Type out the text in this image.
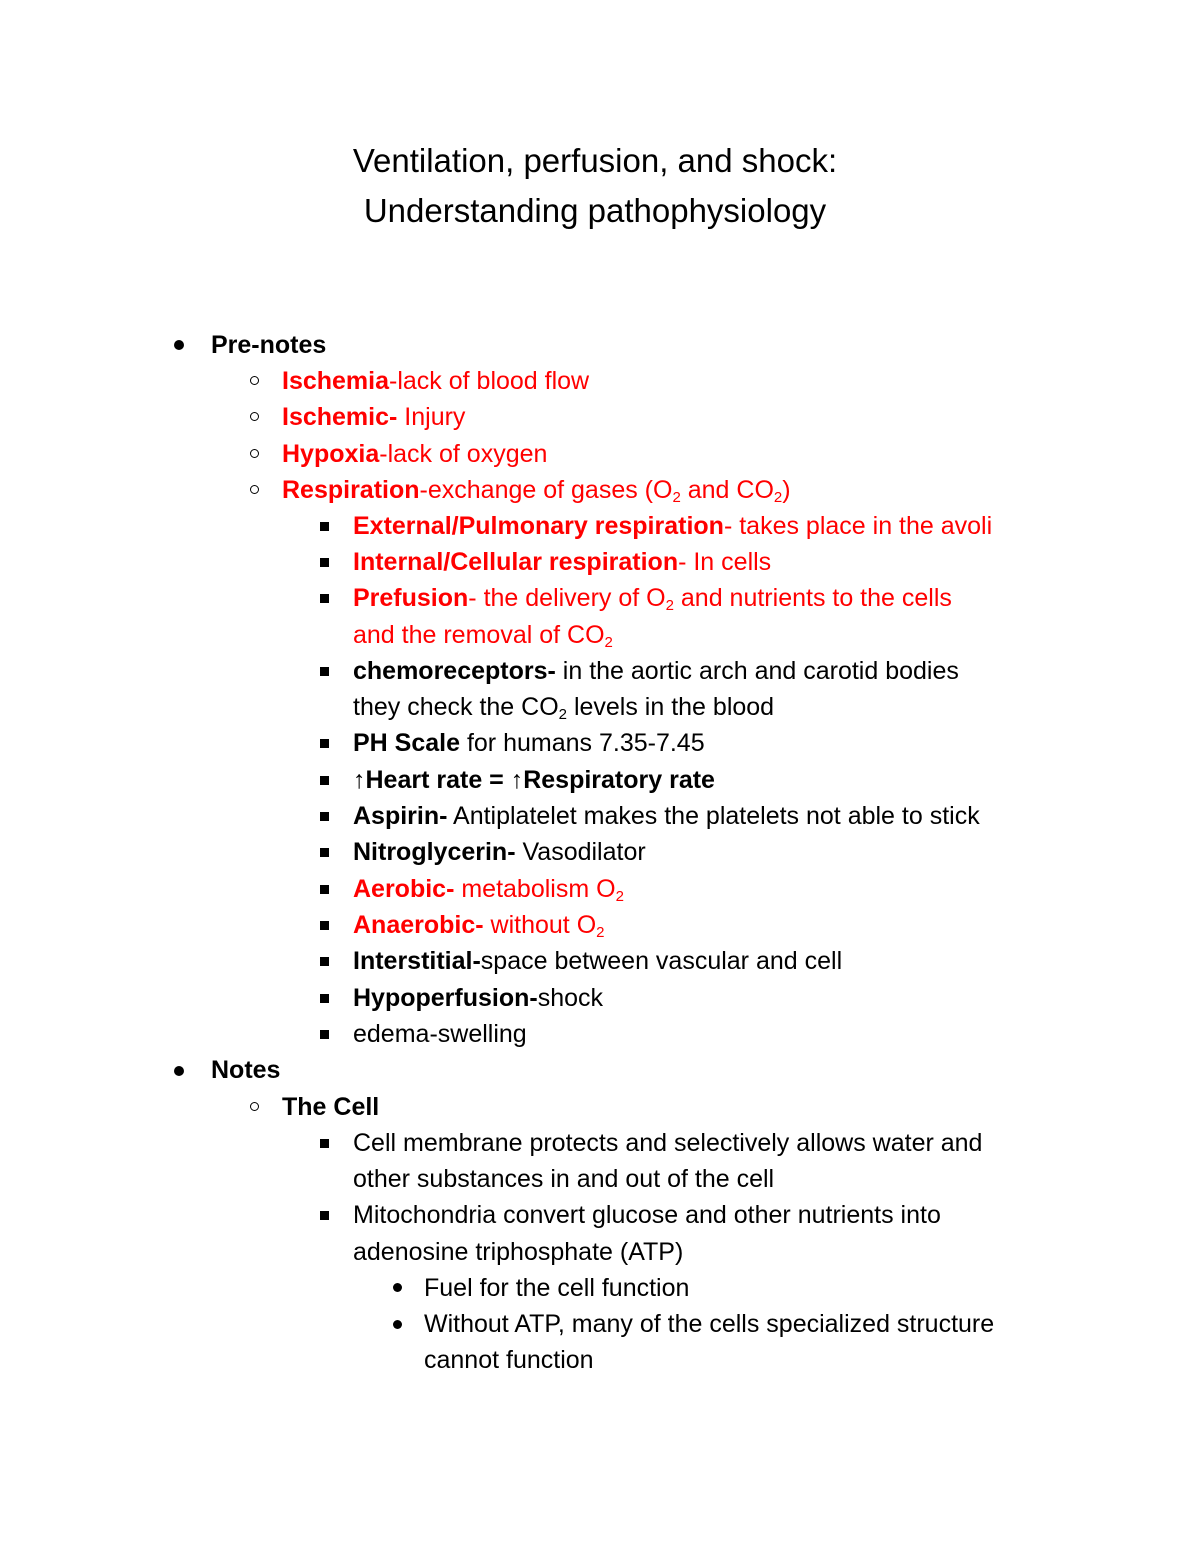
Ventilation, perfusion, and shock:
Understanding pathophysiology
Pre-notes
Ischemia-lack of blood flow
Ischemic- Injury
Hypoxia-lack of oxygen
Respiration-exchange of gases ($O_2$ and $CO_2$)
External/Pulmonary respiration- takes place in the avoli
Internal/Cellular respiration- In cells
Prefusion- the delivery of $O_2$ and nutrients to the cells
and the removal of $CO_2$
chemoreceptors- in the aortic arch and carotid bodies
they check the $CO_2$ levels in the blood
PH Scale for humans 7.35-7.45
↑Heart rate = ↑Respiratory rate
Aspirin- Antiplatelet makes the platelets not able to stick
Nitroglycerin- Vasodilator
Aerobic- metabolism $O_2$
Anaerobic- without $O_2$
Interstitial-space between vascular and cell
Hypoperfusion-shock
edema-swelling
Notes
The Cell
Cell membrane protects and selectively allows water and
other substances in and out of the cell
Mitochondria convert glucose and other nutrients into
adenosine triphosphate (ATP)
Fuel for the cell function
Without ATP, many of the cells specialized structure
cannot function
